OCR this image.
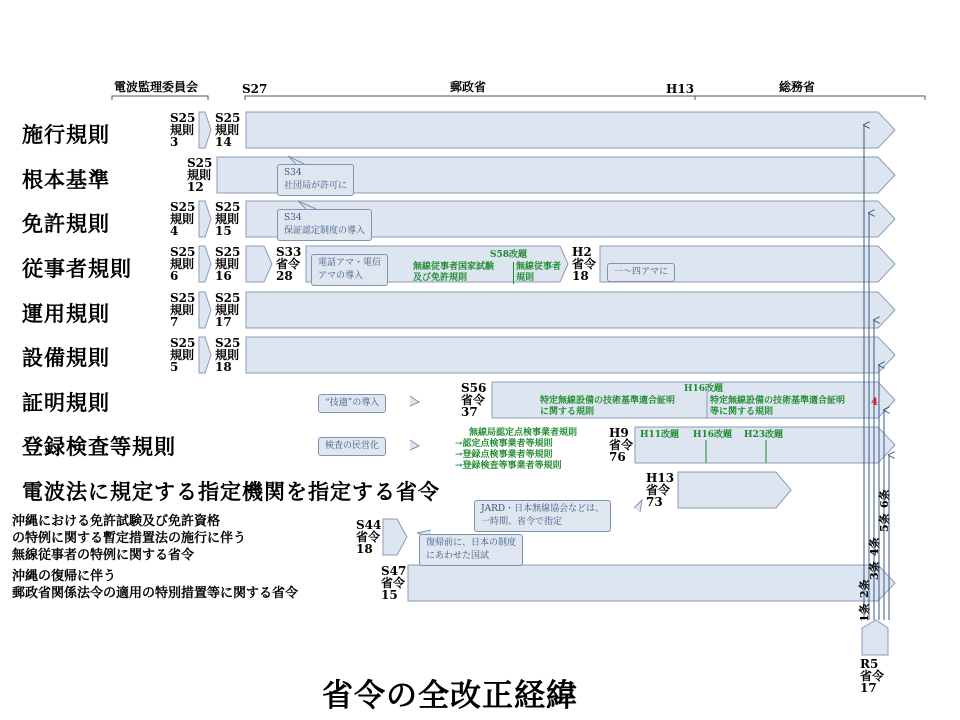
4
電波監理委員会	S27	郵政省	H13	総務省
施行規則
根本基準
免許規則
従事者規則
運用規則
設備規則
証明規則
登録検査等規則
電波法に規定する指定機関を指定する省令
沖縄における免許試験及び免許資格
の特例に関する暫定措置法の施行に伴う
無線従事者の特例に関する省令
沖縄の復帰に伴う
郵政省関係法令の適用の特別措置等に関する省令
S25
規則
3
S25
規則
14
S25
規則
12
S25
規則
4
S25
規則
15
S25
規則
6
S25
規則
16
S33
省令
28
H2
省令
18
S25
規則
7
S25
規則
17
S25
規則
5
S25
規則
18
S56
省令
37
H9
省令
76
H13
省令
73
S44
省令
18
S47
省令
15
R5
省令
17
S34
社団局が許可に
S34
保証認定制度の導入
電話アマ・電信
アマの導入	一～四アマに
“技適”の導入
検査の民営化
JARD・日本無線協会などは、
一時期、省令で指定
復帰前に、日本の制度
にあわせた国試
S58改題
無線従事者国家試験
及び免許規則
無線従事者
規則
H16改題
特定無線設備の技術基準適合証明
に関する規則
特定無線設備の技術基準適合証明
等に関する規則
無線局認定点検事業者規則
→認定点検事業者等規則
→登録点検事業者等規則
→登録検査等事業者等規則
H11改題 H16改題 H23改題
1条
2条
3条
4条
5条
6条
省令の全改正経緯
